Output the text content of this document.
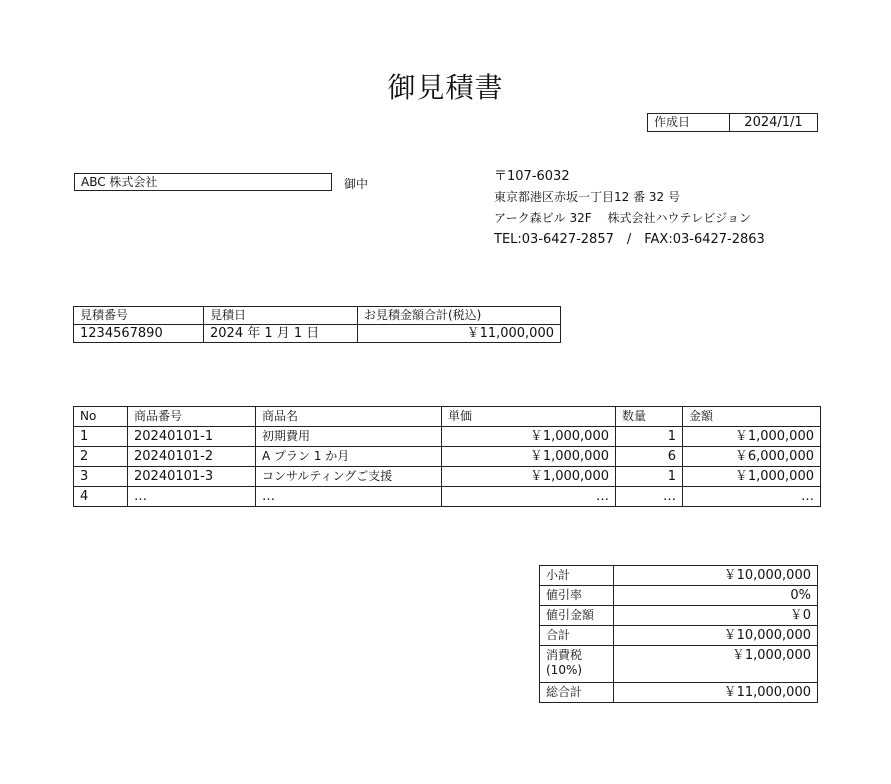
御見積書
作成日	2024/1/1
ABC 株式会社	御中	〒107-6032
東京都港区赤坂一丁目12 番 32 号
アーク森ビル 32F　 株式会社ハウテレビジョン
TEL:03-6427-2857　/　FAX:03-6427-2863
見積番号	見積日	お見積金額合計(税込)
1234567890	2024 年 1 月 1 日	￥11,000,000
No	商品番号	商品名	単価	数量	金額
1	20240101-1	初期費用	￥1,000,000	1	￥1,000,000
2	20240101-2	A プラン 1 か月	￥1,000,000	6	￥6,000,000
3	20240101-3	コンサルティングご支援	￥1,000,000	1	￥1,000,000
4	…	…	…	…	…
小計	￥10,000,000
値引率	0%
値引金額	￥0
合計	￥10,000,000

消費税
(10%)	￥1,000,000
総合計	￥11,000,000
